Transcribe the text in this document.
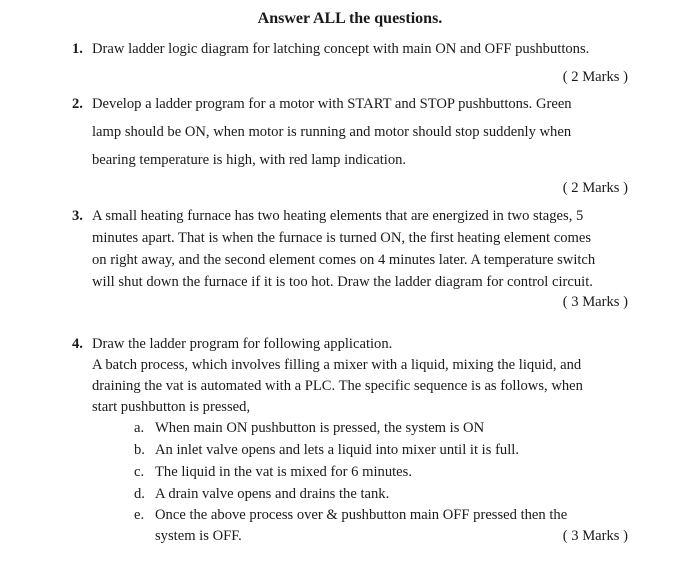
Answer ALL the questions.
1. Draw ladder logic diagram for latching concept with main ON and OFF pushbuttons.
( 2 Marks )
2. Develop a ladder program for a motor with START and STOP pushbuttons. Green
lamp should be ON, when motor is running and motor should stop suddenly when
bearing temperature is high, with red lamp indication.
( 2 Marks )
3. A small heating furnace has two heating elements that are energized in two stages, 5
minutes apart. That is when the furnace is turned ON, the first heating element comes
on right away, and the second element comes on 4 minutes later. A temperature switch
will shut down the furnace if it is too hot. Draw the ladder diagram for control circuit.
( 3 Marks )
4. Draw the ladder program for following application.
A batch process, which involves filling a mixer with a liquid, mixing the liquid, and
draining the vat is automated with a PLC. The specific sequence is as follows, when
start pushbutton is pressed,
a. When main ON pushbutton is pressed, the system is ON
b. An inlet valve opens and lets a liquid into mixer until it is full.
c. The liquid in the vat is mixed for 6 minutes.
d. A drain valve opens and drains the tank.
e. Once the above process over & pushbutton main OFF pressed then the
system is OFF.	( 3 Marks )
